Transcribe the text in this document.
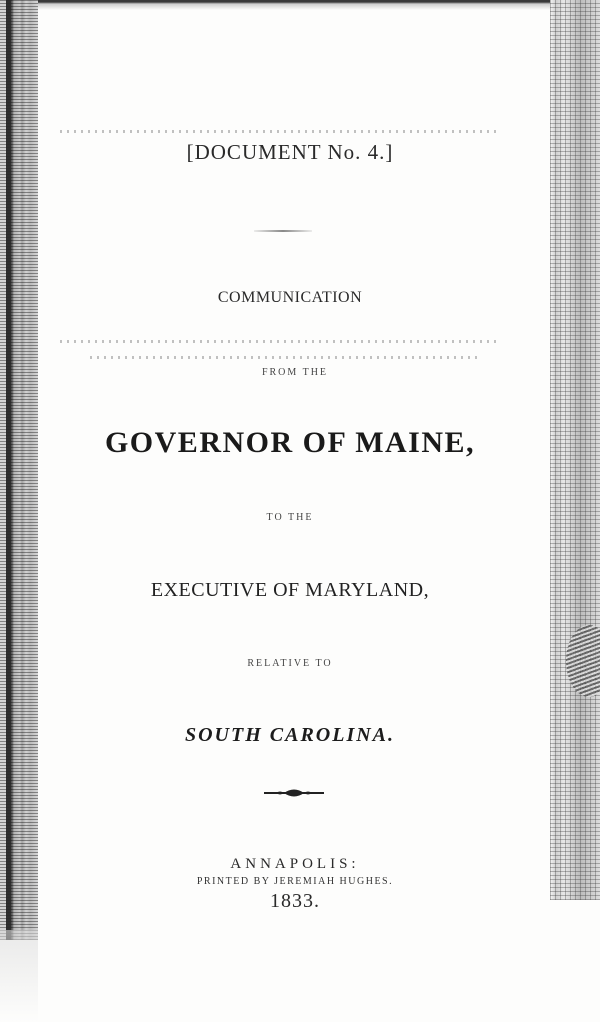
[DOCUMENT No. 4.]

COMMUNICATION

FROM THE

GOVERNOR OF MAINE,

TO THE

EXECUTIVE OF MARYLAND,

RELATIVE TO

SOUTH CAROLINA.

ANNAPOLIS:

PRINTED BY JEREMIAH HUGHES.

1833.
